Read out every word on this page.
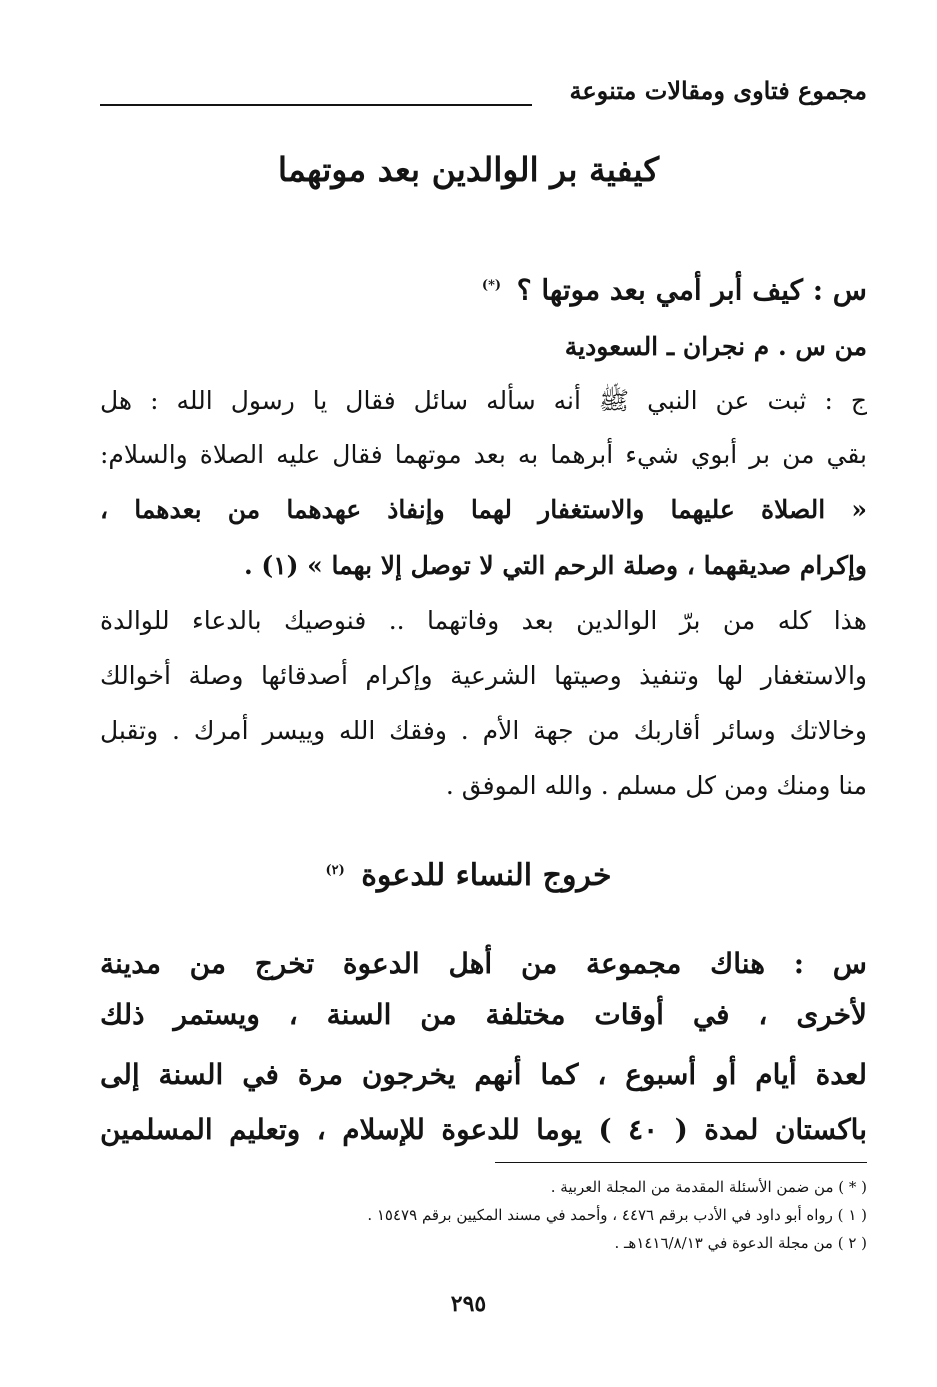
مجموع فتاوى ومقالات متنوعة
كيفية بر الوالدين بعد موتهما
س : كيف أبر أمي بعد موتها ؟ (*)
من س . م نجران ـ السعودية
ج : ثبت عن النبي ﷺ أنه سأله سائل فقال يا رسول الله : هل
بقي من بر أبوي شيء أبرهما به بعد موتهما فقال عليه الصلاة والسلام:
« الصلاة عليهما والاستغفار لهما وإنفاذ عهدهما من بعدهما ،
وإكرام صديقهما ، وصلة الرحم التي لا توصل إلا بهما » (١) .
هذا كله من برّ الوالدين بعد وفاتهما .. فنوصيك بالدعاء للوالدة
والاستغفار لها وتنفيذ وصيتها الشرعية وإكرام أصدقائها وصلة أخوالك
وخالاتك وسائر أقاربك من جهة الأم . وفقك الله وييسر أمرك . وتقبل
منا ومنك ومن كل مسلم . والله الموفق .
خروج النساء للدعوة $^{(٢)}$
س : هناك مجموعة من أهل الدعوة تخرج من مدينة
لأخرى ، في أوقات مختلفة من السنة ، ويستمر ذلك
لعدة أيام أو أسبوع ، كما أنهم يخرجون مرة في السنة إلى
باكستان لمدة ( ٤٠ ) يوما للدعوة للإسلام ، وتعليم المسلمين
( * ) من ضمن الأسئلة المقدمة من المجلة العربية .
( ١ ) رواه أبو داود في الأدب برقم ٤٤٧٦ ، وأحمد في مسند المكيين برقم ١٥٤٧٩ .
( ٢ ) من مجلة الدعوة في ١٤١٦/٨/١٣هـ .
٢٩٥
